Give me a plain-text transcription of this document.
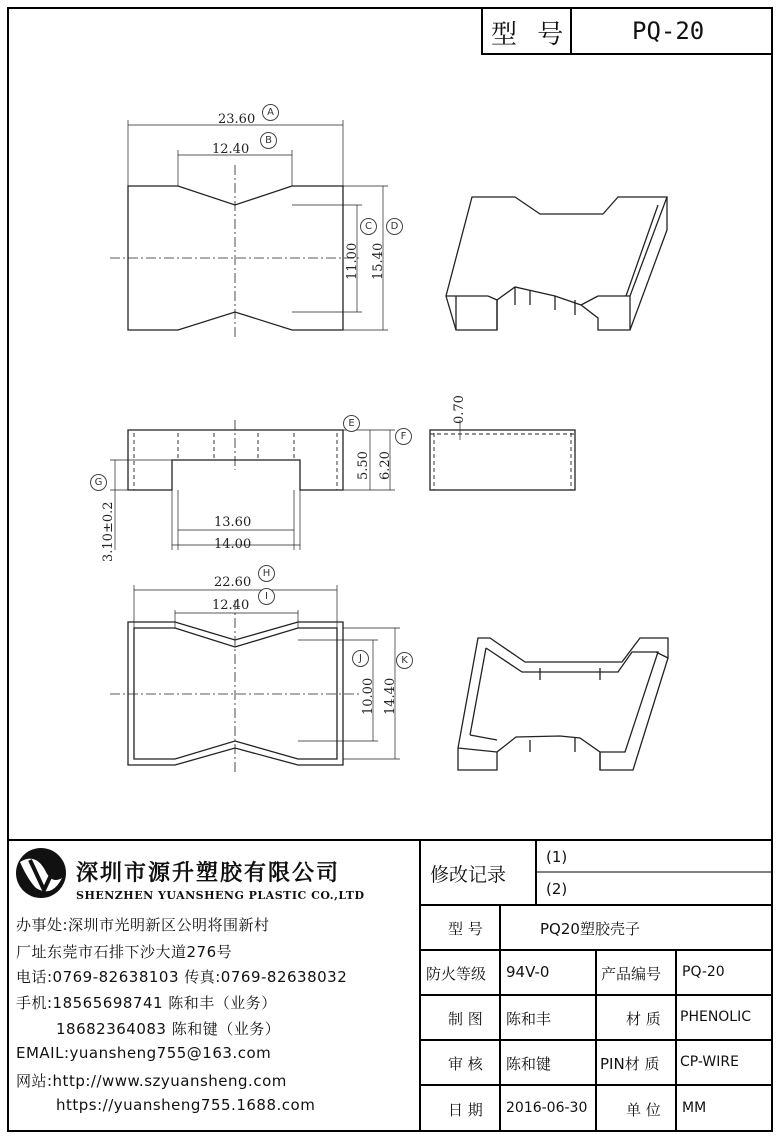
型 号	PQ-20
23.60	A
12.40
B
11.00
C
15.40
D
E
F
5.50 6.20
G
3.10±0.2	13.60
14.00
0.70
22.60
H
12.40
I
J
10.00
K
14.40
深圳市源升塑胶有限公司
SHENZHEN YUANSHENG PLASTIC CO.,LTD
办事处:深圳市光明新区公明将围新村
厂址东莞市石排下沙大道276号
电话:0769-82638103 传真:0769-82638032
手机:18565698741 陈和丰（业务）
18682364083 陈和键（业务）
EMAIL:yuansheng755@163.com
网站:http://www.szyuansheng.com
https://yuansheng755.1688.com
修改记录
(1)
(2)
型 号	PQ20塑胶壳子
防火等级 94V-0	产品编号 PQ-20
制 图 陈和丰	材 质 PHENOLIC
审 核 陈和键	PIN材 质 CP-WIRE
日 期 2016-06-30	单 位 MM
